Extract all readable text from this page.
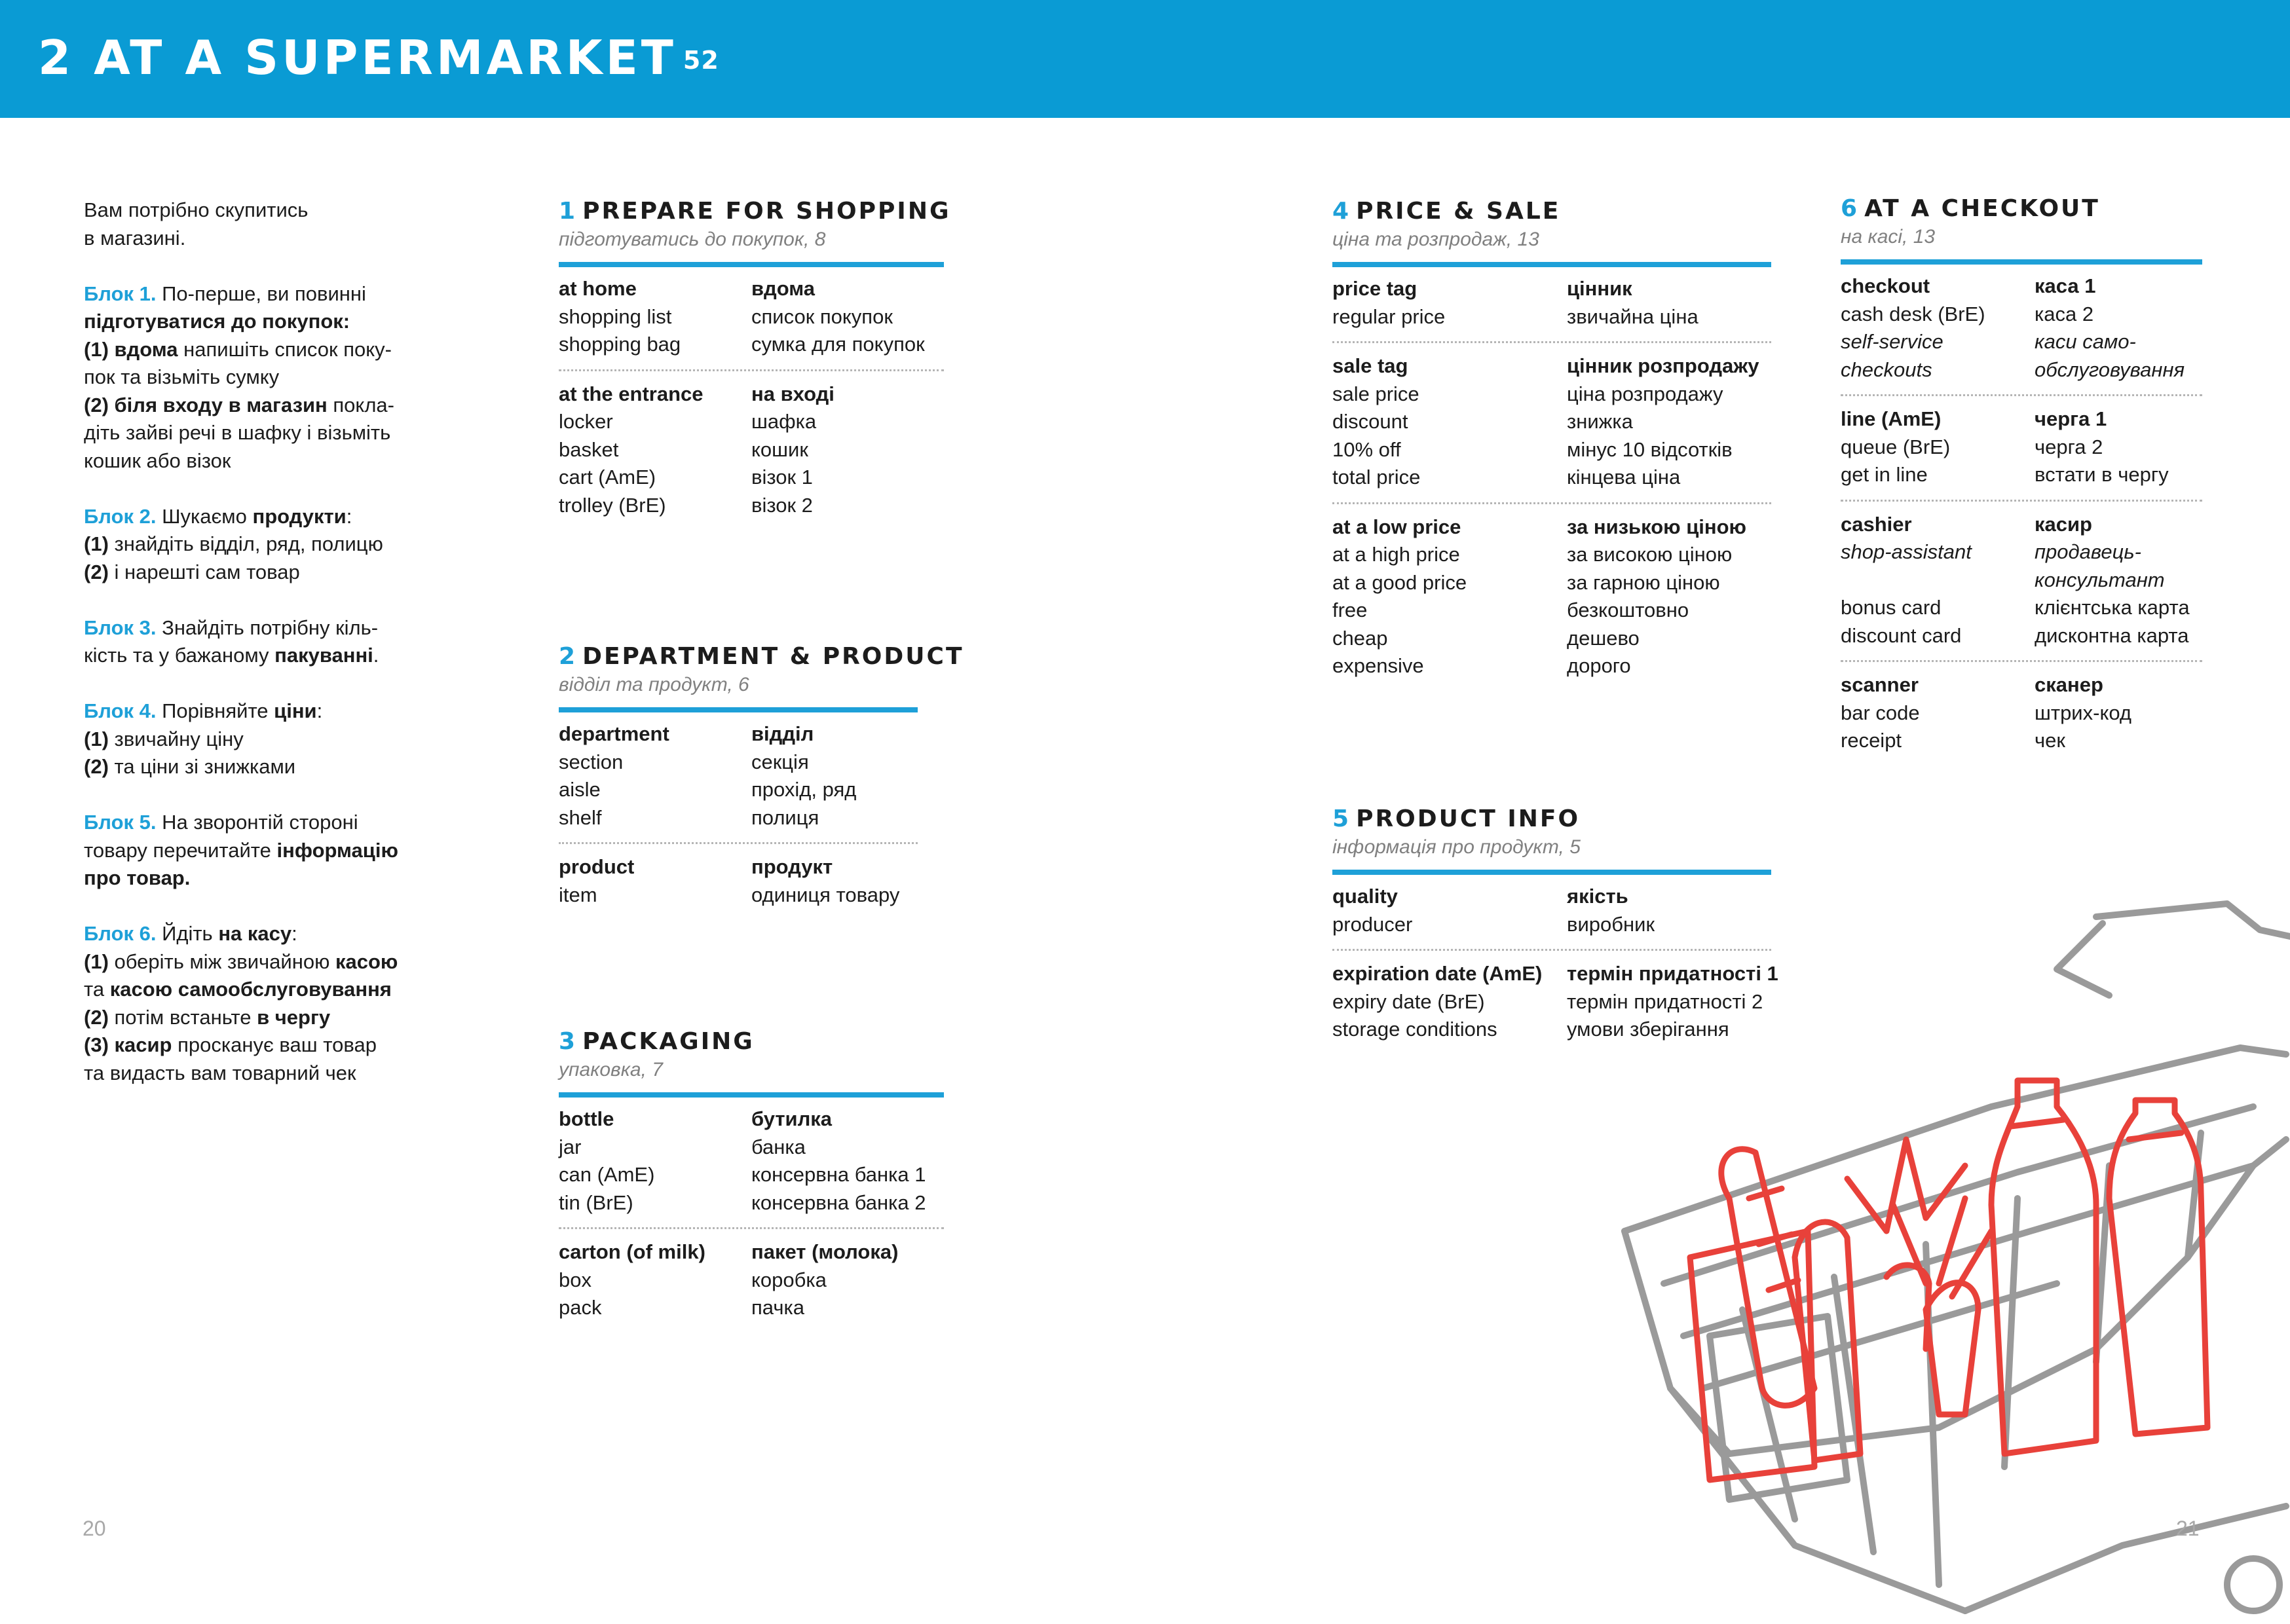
2 AT A SUPERMARKET $^{52}$

Вам потрібно скупитись
в магазині.

Блок 1. По-перше, ви повинні
підготуватися до покупок:
(1) вдома напишіть список поку-
пок та візьміть сумку
(2) біля входу в магазин покла-
діть зайві речі в шафку і візьміть
кошик або візок

Блок 2. Шукаємо продукти:
(1) знайдіть відділ, ряд, полицю
(2) і нарешті сам товар

Блок 3. Знайдіть потрібну кіль-
кість та у бажаному пакуванні.

Блок 4. Порівняйте ціни:
(1) звичайну ціну
(2) та ціни зі знижками

Блок 5. На зворонтій стороні
товару перечитайте інформацію
про товар.

Блок 6. Йдіть на касу:
(1) оберіть між звичайною касою
та касою самообслуговування
(2) потім встаньте в чергу
(3) касир просканує ваш товар
та видасть вам товарний чек

1 PREPARE FOR SHOPPING
підготуватись до покупок, 8
at home	вдома
shopping list	список покупок
shopping bag	сумка для покупок
at the entrance	на вході
locker	шафка
basket	кошик
cart (AmE)	візок 1
trolley (BrE)	візок 2
2 DEPARTMENT & PRODUCT
відділ та продукт, 6
department	відділ
section	секція
aisle	прохід, ряд
shelf	полиця
product	продукт
item	одиниця товару
3 PACKAGING
упаковка, 7
bottle	бутилка
jar	банка
can (AmE)	консервна банка 1
tin (BrE)	консервна банка 2
carton (of milk)	пакет (молока)
box	коробка
pack	пачка
4 PRICE & SALE
ціна та розпродаж, 13
price tag	цінник
regular price	звичайна ціна
sale tag	цінник розпродажу
sale price	ціна розпродажу
discount	знижка
10% off	мінус 10 відсотків
total price	кінцева ціна
at a low price	за низькою ціною
at a high price	за високою ціною
at a good price	за гарною ціною
free	безкоштовно
cheap	дешево
expensive	дорого
5 PRODUCT INFO
інформація про продукт, 5
quality	якість
producer	виробник
expiration date (AmE)	термін придатності 1
expiry date (BrE)	термін придатності 2
storage conditions	умови зберігання
6 AT A CHECKOUT
на касі, 13
checkout	каса 1
cash desk (BrE)	каса 2
self-service	каси само-
checkouts	обслуговування
line (AmE)	черга 1
queue (BrE)	черга 2
get in line	встати в чергу
cashier	касир
shop-assistant	продавець-
консультант
bonus card	клієнтська карта
discount card	дисконтна карта
scanner	сканер
bar code	штрих-код
receipt	чек
20	21
